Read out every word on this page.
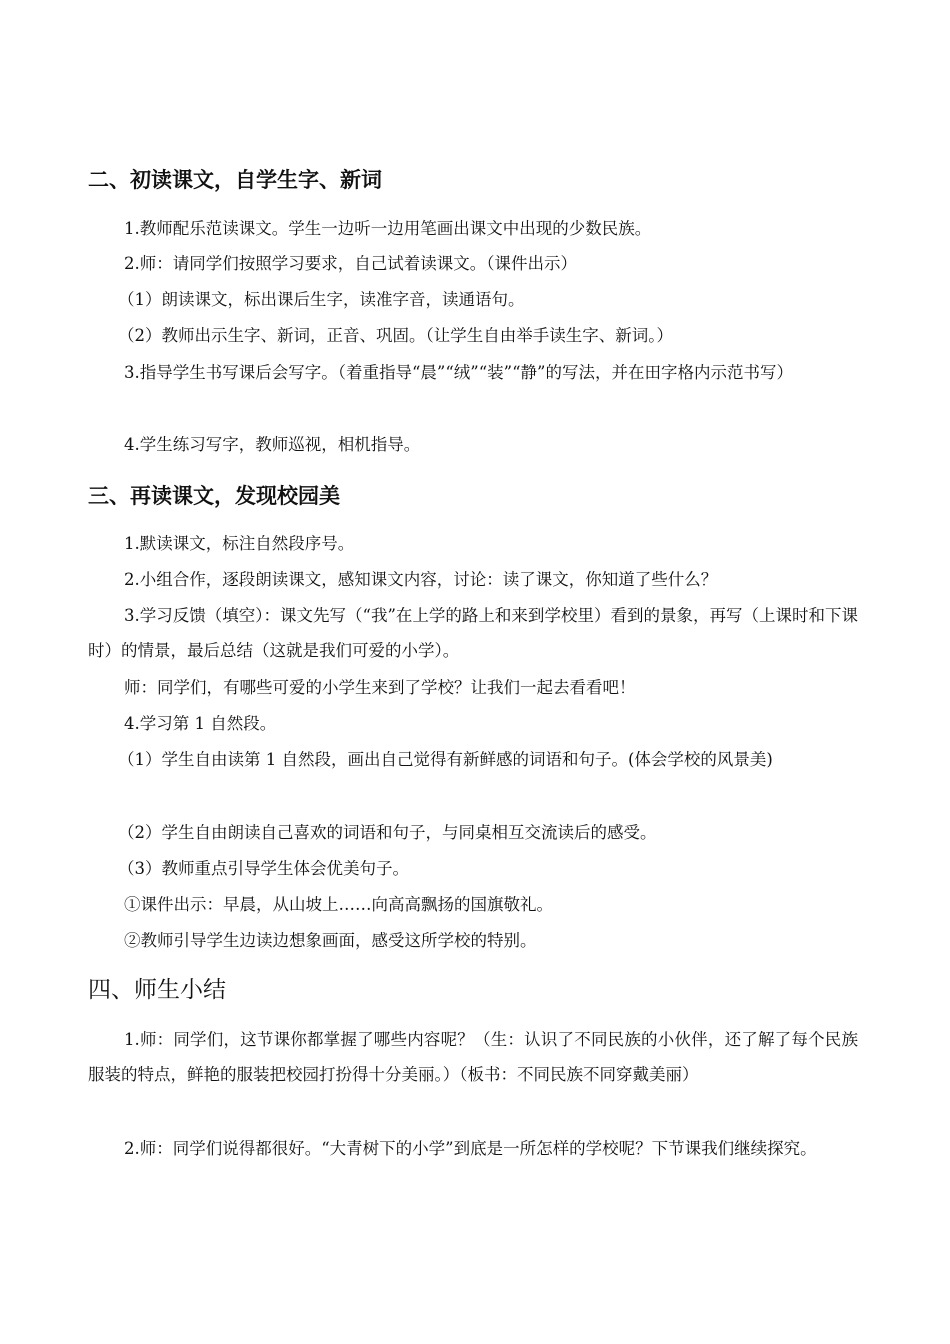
二、初读课文，自学生字、新词
1.教师配乐范读课文。学生一边听一边用笔画出课文中出现的少数民族。
2.师：请同学们按照学习要求，自己试着读课文。（课件出示）
（1）朗读课文，标出课后生字，读准字音，读通语句。
（2）教师出示生字、新词，正音、巩固。（让学生自由举手读生字、新词。）
3.指导学生书写课后会写字。（着重指导“晨”“绒”“装”“静”的写法，并在田字格内示范书写）
4.学生练习写字，教师巡视，相机指导。
三、再读课文，发现校园美
1.默读课文，标注自然段序号。
2.小组合作，逐段朗读课文，感知课文内容，讨论：读了课文，你知道了些什么？
3.学习反馈（填空）：课文先写（“我”在上学的路上和来到学校里）看到的景象，再写（上课时和下课时）的情景，最后总结（这就是我们可爱的小学）。
师：同学们，有哪些可爱的小学生来到了学校？让我们一起去看看吧！
4.学习第 1 自然段。
（1）学生自由读第 1 自然段，画出自己觉得有新鲜感的词语和句子。(体会学校的风景美)
（2）学生自由朗读自己喜欢的词语和句子，与同桌相互交流读后的感受。
（3）教师重点引导学生体会优美句子。
①课件出示：早晨，从山坡上……向高高飘扬的国旗敬礼。
②教师引导学生边读边想象画面，感受这所学校的特别。
四、师生小结
1.师：同学们，这节课你都掌握了哪些内容呢？（生：认识了不同民族的小伙伴，还了解了每个民族服装的特点，鲜艳的服装把校园打扮得十分美丽。）（板书：不同民族不同穿戴美丽）
2.师：同学们说得都很好。“大青树下的小学”到底是一所怎样的学校呢？下节课我们继续探究。
